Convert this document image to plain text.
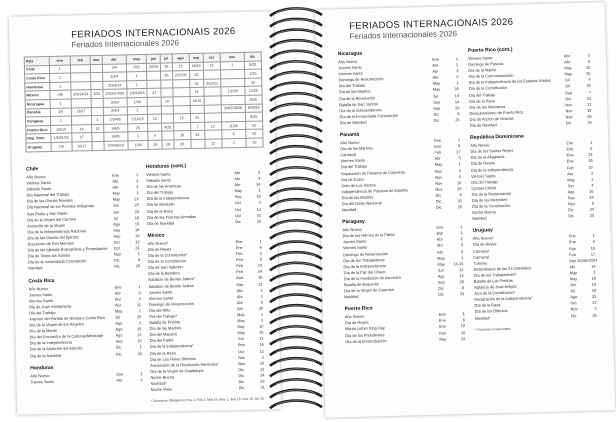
FERIADOS INTERNACIONAIS 2026
Feriados Internacionales 2026
País	ene	feb	mar	abr	may	jun	jul	ago	sep	oct	nov	dic
Chile	1			3/4	1/21	20/29	16	15	18/19	12	1	8/25
Costa Rica	1			2/3/4	1		25	2/15/31	15			1/25
Honduras	1			2/3/4/14	1				15	3/12/21		25
México	2/6	2/5/14/24	2/21	2/3/4/14/30	1/5/10/15	21			16		1/2/20	12/25
Nicaragua	1			2/3/4	1/30		19		14/15			8/25
Panamá	1/9	16/17		2/3/4	1						3/4/5/10/28	8/20/25
Paraguay	1		1	2/3/4/5	1/14/15	12		15	29			8/25
Puerto Rico	1/6/19	16	22	3/4/5	25		4/25		7	12	11/26	25
Rep. Dom.	1/6/21/26	27		3/4/5	1	4		16	24		6	25
Uruguay	1/6	16/17		2/3/4/5/19	1/18	19	18	25		12	2	25
Chile
Año Nuevo	Ene	1
Viernes Santo	Abr	3
Sábado Santo	Abr	4
Día Nacional del Trabajo	May	1
Día de las Glorias Navales	May	21
Día Nacional de los Pueblos Indígenas	Jun	20
San Pedro y San Pablo	Jun	29
Día de la Virgen del Carmen	Jul	16
Asunción de la Virgen	Ago	15
Día de la Independencia Nacional	Sep	18
Día de las Glorias del Ejército	Sep	19
Encuentro de Dos Mundos	Oct	12
Día de las Iglesias Evangélicas y Protestantes Oct	31
Día de Todos los Santos	Nov	1
Día de la Inmaculada Concepción	Dic	8
Navidad	Dic	25
Costa Rica
Año Nuevo	Ene	1
Jueves Santo	Abr	2
Viernes Santo	Abr	3
Día de Juan Santamaría	Abr	11
Día del Trabajo	May	1
Anexión del Partido de Nicoya a Costa Rica	Jul	25
Día de la Virgen de los Ángeles	Ago	2
Día de la Madre	Ago	15
Día del Encuentro de la Culturas/Mestizaje	Ago	31
Día de la Independencia	Sep	15
Día de la Abolición del Ejército	Dic	1
Día de la Navidad	Dic	25
Honduras
Año Nuevo	Ene	1
Jueves Santo	Abr	2
Honduras (cont.)
Viernes Santo	Abr	3
Sábado Santo	Abr	4
Día de las Américas	Abr	14
Día del Trabajo	May	1
Día de la Independencia	Sep	15
Día de Morazán	Oct	3
Día de la Raza	Oct	12
Día de las Fuerzas Armadas	Oct	21
Día de Navidad	Dic	25
México
Año Nuevo*	Ene	1
Día de Reyes	Ene	6
Día de la Constitución*	Feb	2
Día de la Constitución	Feb	5
Día de San Valentín	Feb	14
Día de la Bandera	Feb	24
Natalicio de Benito Juárez*	Mar	16
Natalicio de Benito Juárez	Mar	21
Jueves Santo	Abr	2
Viernes Santo	Abr	3
Domingo de Resurrección	Abr	5
Día del Niño	Abr	30
Día del Trabajo*	May	1
Batalla de Puebla	May	5
Día de las Madres	May	10
Día del Maestro	May	15
Día del Padre	Jun	21
Día de la Independencia*	Sep	16
Día de la Raza	Oct	12
Día de Los Fieles Difuntos	Nov	2
Aniversario de la Revolución Mexicana*	Nov	20
Día de la Virgen de Guadalupe	Dic	12
Noche Buena	Dic	24
Navidad*	Dic	25
Noche Vieja	Dic	31
* Descanso Obligatorio: Ene 1, Feb 2, Mar 16, May 1, Sep 16, Nov 16, Dic 25
FERIADOS INTERNACIONAIS 2026
Feriados Internacionales 2026
Nicaragua
Año Nuevo	Ene	1
Jueves Santo	Abr	2
Viernes Santo	Abr	3
Domingo de Resurrección	Abr	5
Día del Trabajo	May	1
Día de las Madres	May	30
Día de la Revolución	Jul	19
Batalla de San Jacinto	Sep	14
Día de la Independencia	Sep	15
Día de la Inmaculada Concepción	Dic	8
Día de Navidad	Dic	25
Panamá
Año Nuevo	Ene	1
Día de los Mártires	Ene	9
Carnaval	Feb	17
Viernes Santo	Abr	3
Día del Trabajo	May	1
Separación de Panamá de Colombia	Nov	3
Día de Colón	Nov	5
Grito de Los Santos	Nov	10
Independencia de Panamá de España	Nov	28
Día de las Madres	Dic	8
Día del Duelo Nacional	Dic	20
Navidad	Dic	25
Paraguay
Año Nuevo	Ene	1
Día de los Héroes de la Patria	Mar	1
Jueves Santo	Abr	2
Viernes Santo	Abr	3
Domingo de Resurrección	Abr	5
Día de los Trabajadores	May	1
Día de la Independencia	May 14-15
Día de la Paz del Chaco	Jun	12
Día de la Fundación de Asunción	Ago	15
Batalla de Boquerón	Sep	29
Día de la Virgen de Caacupé	Dic	8
Navidad	Dic	25
Puerto Rico
Año Nuevo	Ene	1
Día de Reyes	Ene	6
Martin Luther King Day	Ene	19
Día de los Presidentes	Feb	16
Día de la Emancipación	Mar	22
Puerto Rico (cont.)
Viernes Santo	Abr	3
Domingo de Pascua	Abr	5
Día de la Madre	May	10
Día de la Conmemoración	May	25
Día de la Independencia de los Estados Unidos	Jul	4
Día de la Constitución	Jul	25
Día del Trabajo	Sep	7
Día de la Raza	Oct	12
Día de los Veteranos	Nov	11
Descubrimiento de Puerto Rico	Nov	19
Día de Acción de Gracias	Nov	26
Día de Navidad	Dic	25
República Dominicana
Año Nuevo	Ene	1
Día de los Santos Reyes	Ene	6
Día de la Altagracia	Ene	21
Día de Duarte	Ene	26
Día de la Independencia	Feb	27
Viernes Santo	Abr	3
Día del Trabajo	May	1
Corpus Christi	Jun	4
Día de la Restauración	Ago	16
Día de las Mercedes	Sep	24
Día de la Constitución	Nov	6
Noche Buena	Dic	24
Navidad	Dic	25
Uruguay
Año Nuevo*	Ene	1
Día de Reyes	Ene	6
Carnaval	Feb	16
Carnaval	Feb	17
Turismo	Mar 30/Abr 2/3/4
Desembarco de los 33 Orientales	Abr	19
Día de los Trabajadores*	May	1
Batalla de Las Piedras	May	18
Natalicio de José Artigas	Jun	19
Jura de la Constitución*	Jul	18
Declaración de la Independencia*	Ago	25
Día de la Raza	Oct	12
Día de los Difuntos	Nov	2
Navidad*	Dic	25
* Feriados no laborables
